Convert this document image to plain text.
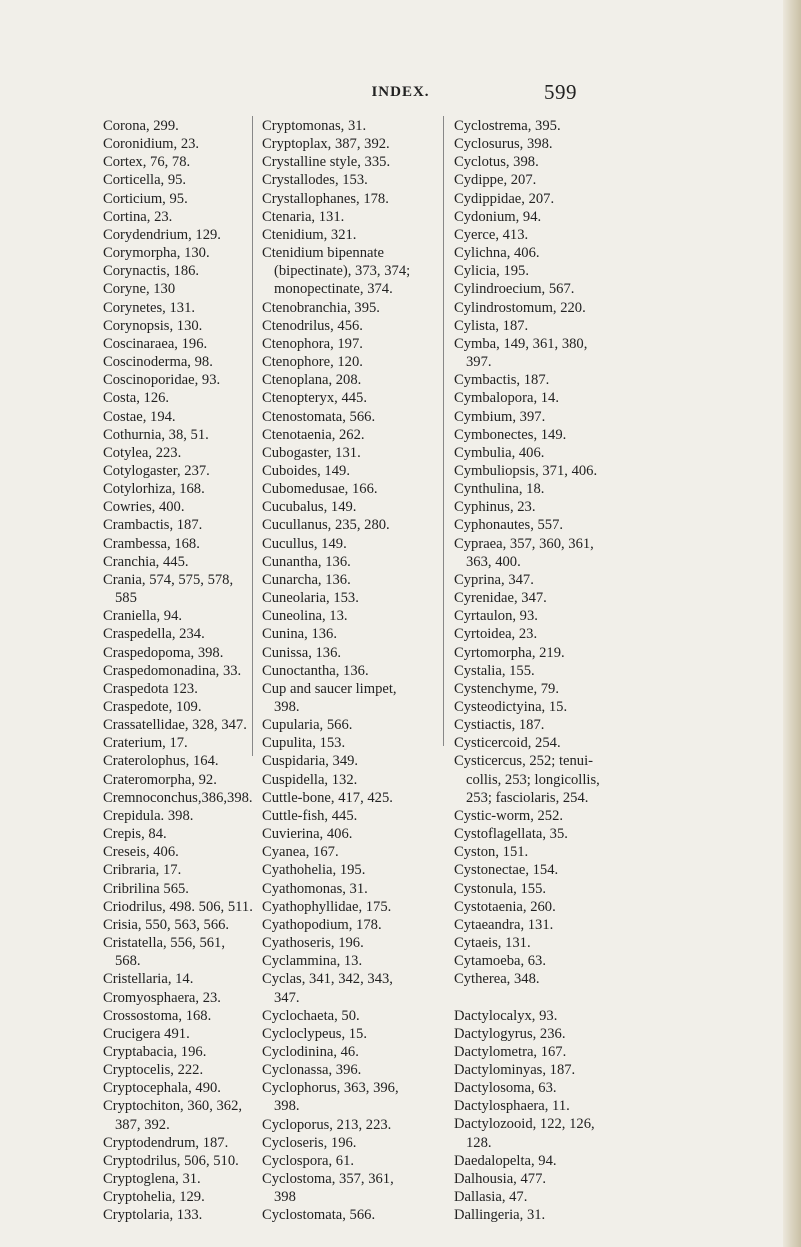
INDEX.	599
Corona, 299.
Coronidium, 23.
Cortex, 76, 78.
Corticella, 95.
Corticium, 95.
Cortina, 23.
Corydendrium, 129.
Corymorpha, 130.
Corynactis, 186.
Coryne, 130
Corynetes, 131.
Corynopsis, 130.
Coscinaraea, 196.
Coscinoderma, 98.
Coscinoporidae, 93.
Costa, 126.
Costae, 194.
Cothurnia, 38, 51.
Cotylea, 223.
Cotylogaster, 237.
Cotylorhiza, 168.
Cowries, 400.
Crambactis, 187.
Crambessa, 168.
Cranchia, 445.
Crania, 574, 575, 578,
585
Craniella, 94.
Craspedella, 234.
Craspedopoma, 398.
Craspedomonadina, 33.
Craspedota 123.
Craspedote, 109.
Crassatellidae, 328, 347.
Craterium, 17.
Craterolophus, 164.
Crateromorpha, 92.
Cremnoconchus,386,398.
Crepidula. 398.
Crepis, 84.
Creseis, 406.
Cribraria, 17.
Cribrilina 565.
Criodrilus, 498. 506, 511.
Crisia, 550, 563, 566.
Cristatella, 556, 561,
568.
Cristellaria, 14.
Cromyosphaera, 23.
Crossostoma, 168.
Crucigera 491.
Cryptabacia, 196.
Cryptocelis, 222.
Cryptocephala, 490.
Cryptochiton, 360, 362,
387, 392.
Cryptodendrum, 187.
Cryptodrilus, 506, 510.
Cryptoglena, 31.
Cryptohelia, 129.
Cryptolaria, 133.
Cryptomonas, 31.
Cryptoplax, 387, 392.
Crystalline style, 335.
Crystallodes, 153.
Crystallophanes, 178.
Ctenaria, 131.
Ctenidium, 321.
Ctenidium bipennate
(bipectinate), 373, 374;
monopectinate, 374.
Ctenobranchia, 395.
Ctenodrilus, 456.
Ctenophora, 197.
Ctenophore, 120.
Ctenoplana, 208.
Ctenopteryx, 445.
Ctenostomata, 566.
Ctenotaenia, 262.
Cubogaster, 131.
Cuboides, 149.
Cubomedusae, 166.
Cucubalus, 149.
Cucullanus, 235, 280.
Cucullus, 149.
Cunantha, 136.
Cunarcha, 136.
Cuneolaria, 153.
Cuneolina, 13.
Cunina, 136.
Cunissa, 136.
Cunoctantha, 136.
Cup and saucer limpet,
398.
Cupularia, 566.
Cupulita, 153.
Cuspidaria, 349.
Cuspidella, 132.
Cuttle-bone, 417, 425.
Cuttle-fish, 445.
Cuvierina, 406.
Cyanea, 167.
Cyathohelia, 195.
Cyathomonas, 31.
Cyathophyllidae, 175.
Cyathopodium, 178.
Cyathoseris, 196.
Cyclammina, 13.
Cyclas, 341, 342, 343,
347.
Cyclochaeta, 50.
Cycloclypeus, 15.
Cyclodinina, 46.
Cyclonassa, 396.
Cyclophorus, 363, 396,
398.
Cycloporus, 213, 223.
Cycloseris, 196.
Cyclospora, 61.
Cyclostoma, 357, 361,
398
Cyclostomata, 566.
Cyclostrema, 395.
Cyclosurus, 398.
Cyclotus, 398.
Cydippe, 207.
Cydippidae, 207.
Cydonium, 94.
Cyerce, 413.
Cylichna, 406.
Cylicia, 195.
Cylindroecium, 567.
Cylindrostomum, 220.
Cylista, 187.
Cymba, 149, 361, 380,
397.
Cymbactis, 187.
Cymbalopora, 14.
Cymbium, 397.
Cymbonectes, 149.
Cymbulia, 406.
Cymbuliopsis, 371, 406.
Cynthulina, 18.
Cyphinus, 23.
Cyphonautes, 557.
Cypraea, 357, 360, 361,
363, 400.
Cyprina, 347.
Cyrenidae, 347.
Cyrtaulon, 93.
Cyrtoidea, 23.
Cyrtomorpha, 219.
Cystalia, 155.
Cystenchyme, 79.
Cysteodictyina, 15.
Cystiactis, 187.
Cysticercoid, 254.
Cysticercus, 252; tenui-
collis, 253; longicollis,
253; fasciolaris, 254.
Cystic-worm, 252.
Cystoflagellata, 35.
Cyston, 151.
Cystonectae, 154.
Cystonula, 155.
Cystotaenia, 260.
Cytaeandra, 131.
Cytaeis, 131.
Cytamoeba, 63.
Cytherea, 348.
Dactylocalyx, 93.
Dactylogyrus, 236.
Dactylometra, 167.
Dactylominyas, 187.
Dactylosoma, 63.
Dactylosphaera, 11.
Dactylozooid, 122, 126,
128.
Daedalopelta, 94.
Dalhousia, 477.
Dallasia, 47.
Dallingeria, 31.
